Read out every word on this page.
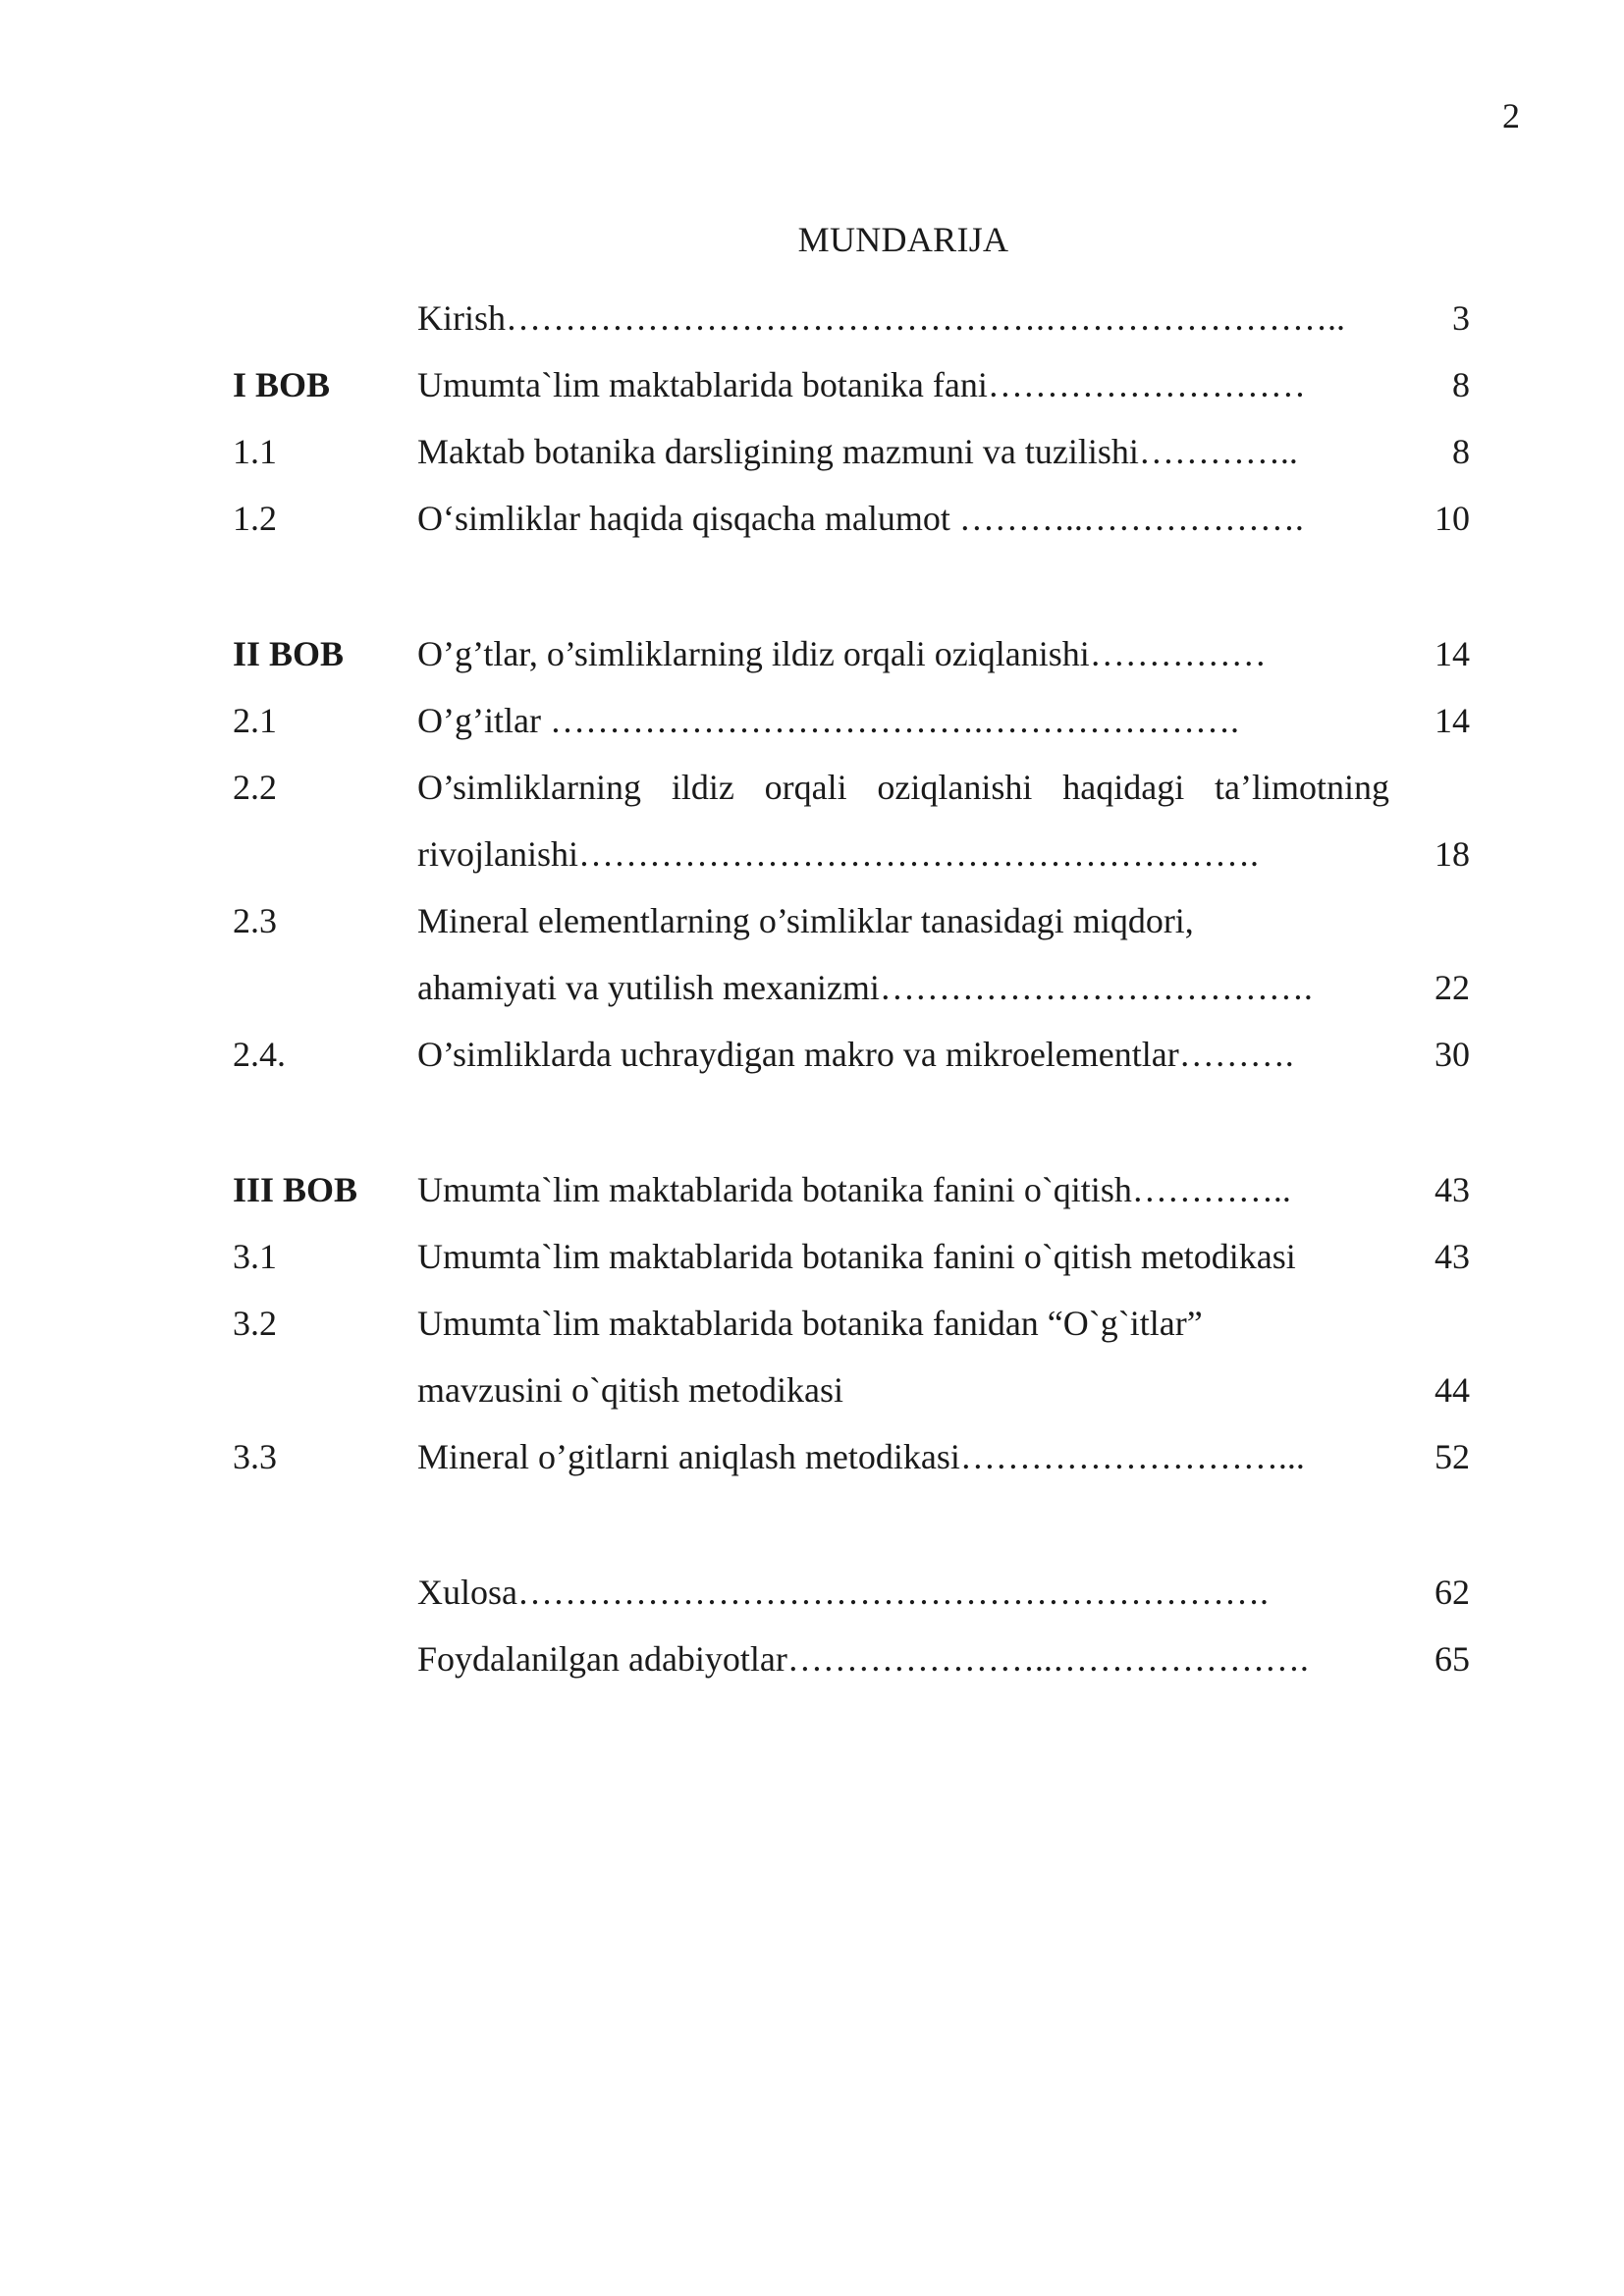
2
MUNDARIJA
Kirish……………………………………….……………………..	3
I BOB	Umumta`lim maktablarida botanika fani………………………	8
1.1	Maktab botanika darsligining mazmuni va tuzilishi…………..	8
1.2	O‘simliklar haqida qisqacha malumot ………..……………….	10
II BOB	O’g’tlar, o’simliklarning ildiz orqali oziqlanishi……………	14
2.1	O’g’itlar ……………………………….………………….	14
2.2	O’simliklarning ildiz orqali oziqlanishi haqidagi ta’limotning
rivojlanishi………………………………………………….	18
2.3	Mineral elementlarning o’simliklar tanasidagi miqdori,
ahamiyati va yutilish mexanizmi……………………………….	22
2.4.	O’simliklarda uchraydigan makro va mikroelementlar……….	30
III BOB	Umumta`lim maktablarida botanika fanini o`qitish…………..	43
3.1	Umumta`lim maktablarida botanika fanini o`qitish metodikasi	43
3.2	Umumta`lim maktablarida botanika fanidan “O`g`itlar”
mavzusini o`qitish metodikasi	44
3.3	Mineral o’gitlarni aniqlash metodikasi………………………...	52
Xulosa……………………………………………………….	62
Foydalanilgan adabiyotlar…………………..………………….	65
